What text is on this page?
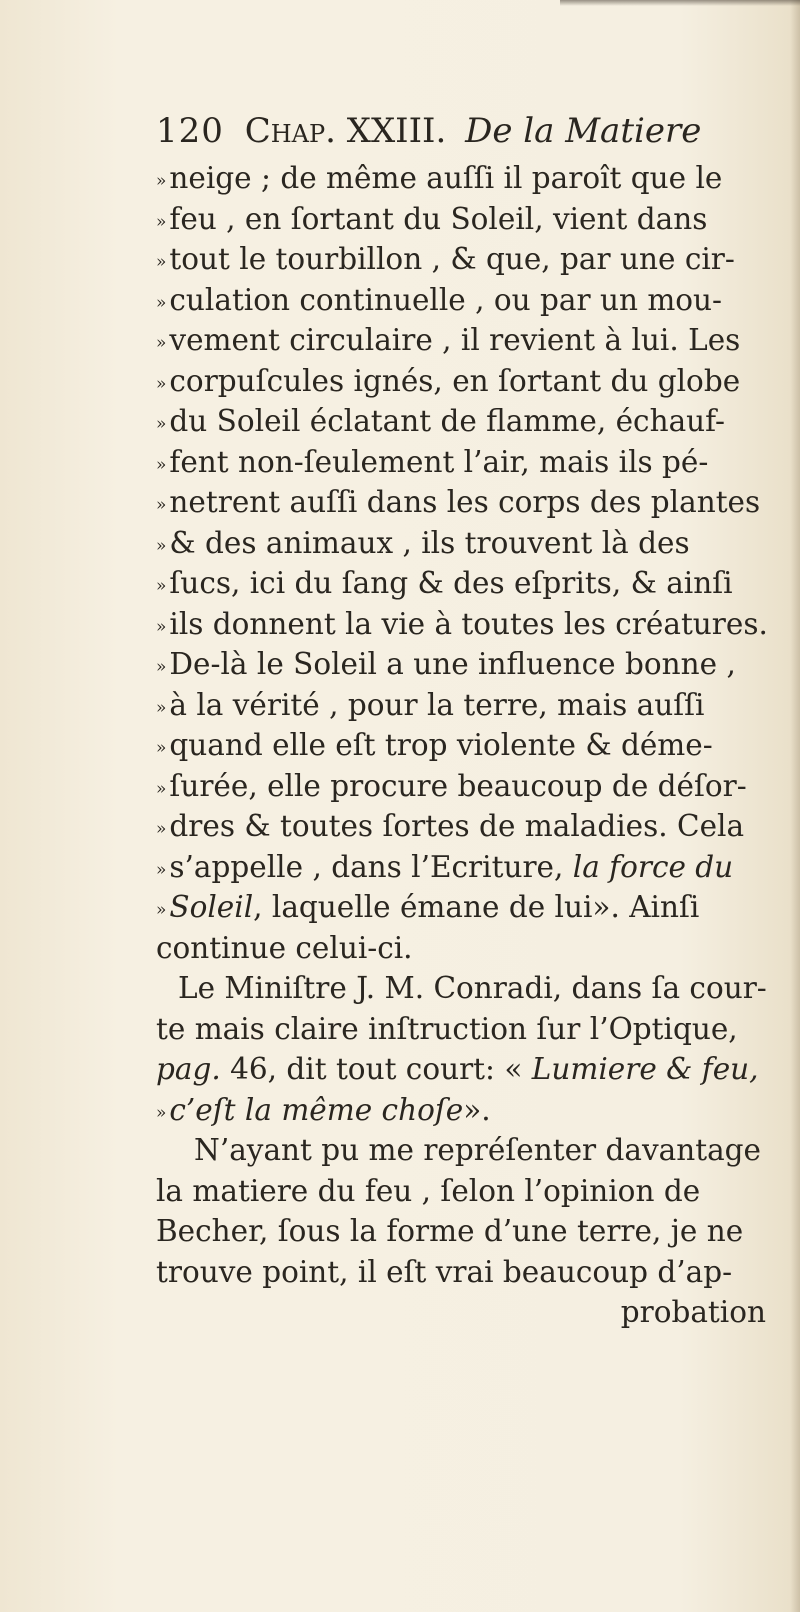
120 Chap. XXIII. De la Matiere
» neige ; de même auſſi il paroît que le
» feu , en ſortant du Soleil, vient dans
» tout le tourbillon , & que, par une cir-
» culation continuelle , ou par un mou-
» vement circulaire , il revient à lui. Les
» corpuſcules ignés, en ſortant du globe
» du Soleil éclatant de flamme, échauf-
» fent non-ſeulement l’air, mais ils pé-
» netrent auſſi dans les corps des plantes
» & des animaux , ils trouvent là des
» ſucs, ici du ſang & des eſprits, & ainſi
» ils donnent la vie à toutes les créatures.
» De-là le Soleil a une influence bonne ,
» à la vérité , pour la terre, mais auſſi
» quand elle eſt trop violente & déme-
» ſurée, elle procure beaucoup de déſor-
» dres & toutes ſortes de maladies. Cela
» s’appelle , dans l’Ecriture, la force du
» Soleil, laquelle émane de lui». Ainſi
continue celui-ci.
Le Miniſtre J. M. Conradi, dans ſa cour-
te mais claire inſtruction ſur l’Optique,
pag. 46, dit tout court: « Lumiere & feu,
» c’eſt la même choſe».
N’ayant pu me repréſenter davantage
la matiere du feu , ſelon l’opinion de
Becher, ſous la forme d’une terre, je ne
trouve point, il eſt vrai beaucoup d’ap-
probation
